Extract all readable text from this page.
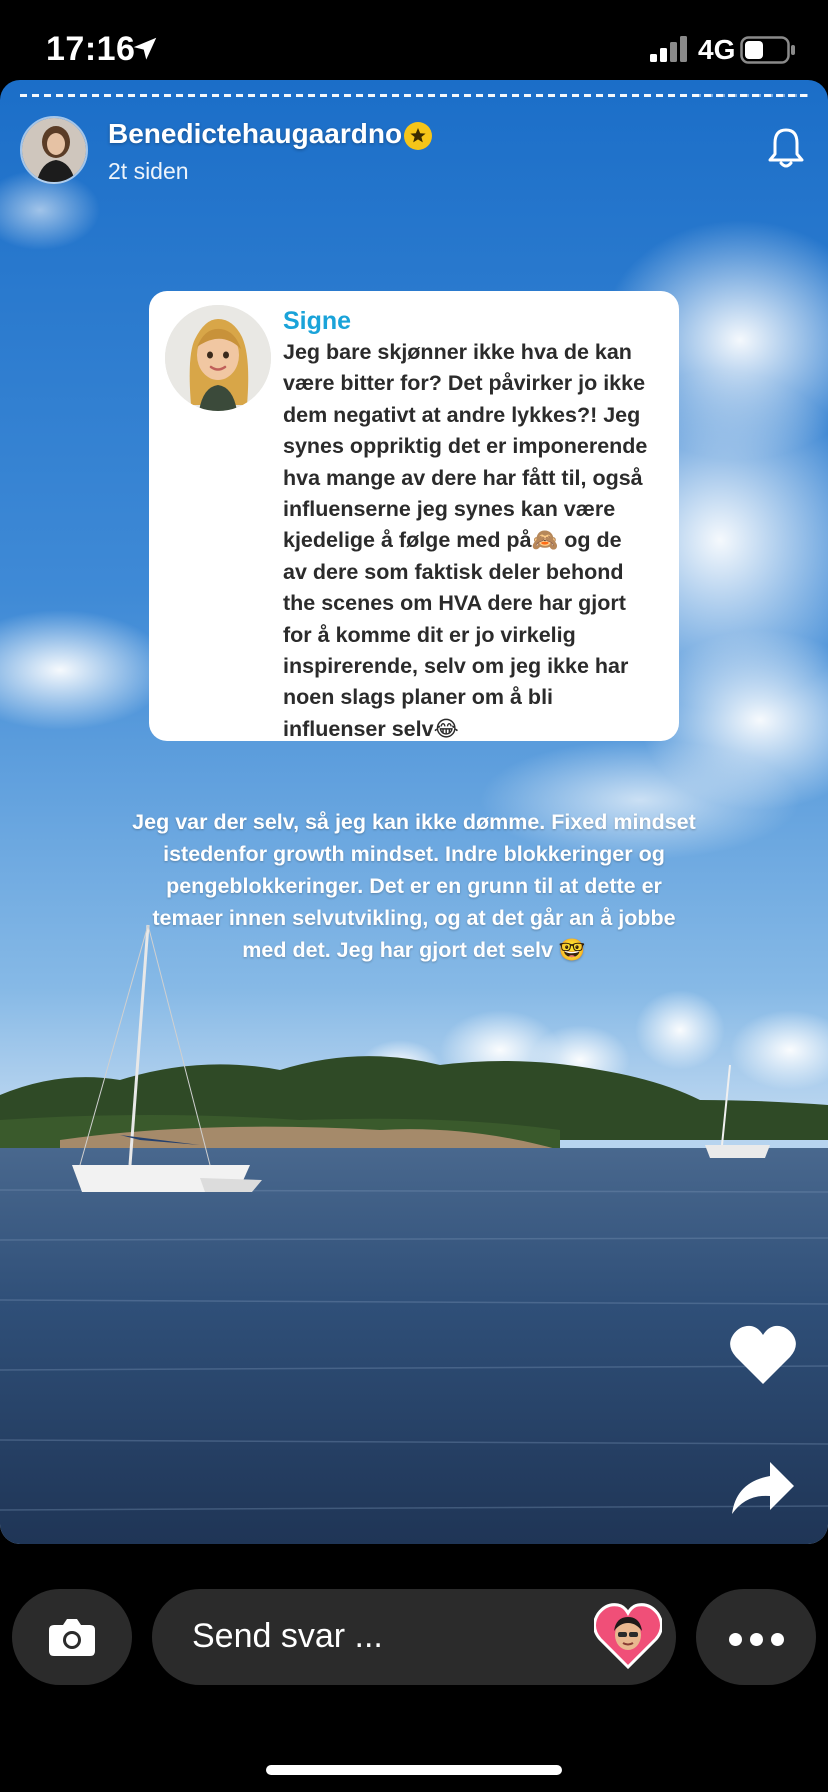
17:16	4G
Benedictehaugaardno
2t siden
Signe
Jeg bare skjønner ikke hva de kan
være bitter for? Det påvirker jo ikke
dem negativt at andre lykkes?! Jeg
synes oppriktig det er imponerende
hva mange av dere har fått til, også
influenserne jeg synes kan være
kjedelige å følge med på🙈 og de
av dere som faktisk deler behond
the scenes om HVA dere har gjort
for å komme dit er jo virkelig
inspirerende, selv om jeg ikke har
noen slags planer om å bli
influenser selv😂
Jeg var der selv, så jeg kan ikke dømme. Fixed mindset
istedenfor growth mindset. Indre blokkeringer og
pengeblokkeringer. Det er en grunn til at dette er
temaer innen selvutvikling, og at det går an å jobbe
med det. Jeg har gjort det selv 🤓
Send svar ...
